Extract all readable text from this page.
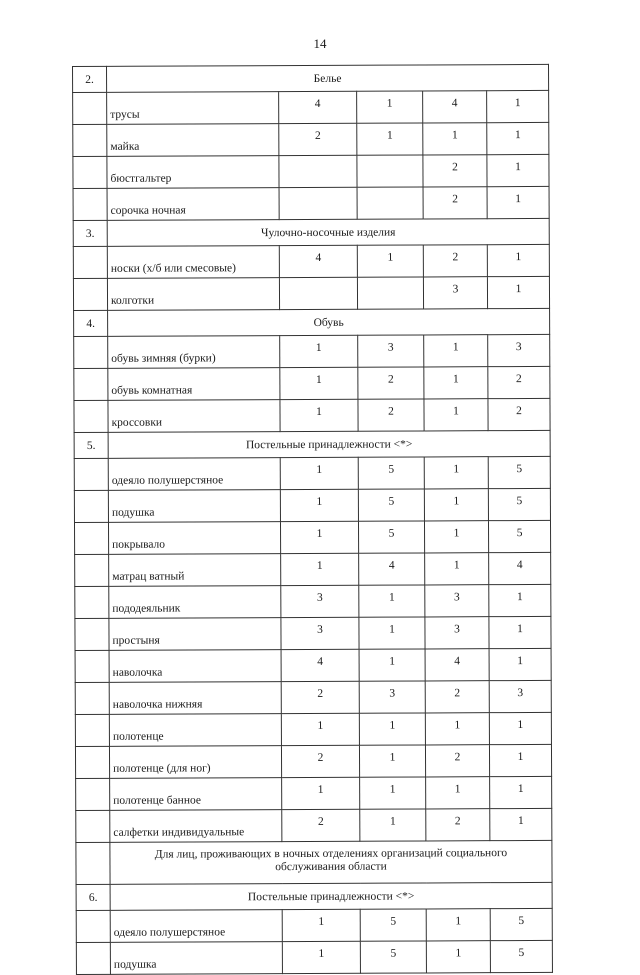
14
2.	Белье				
	трусы	4	1	4	1
	майка	2	1	1	1
	бюстгальтер			2	1
	сорочка ночная			2	1
3.	Чулочно-носочные изделия				
	носки (х/б или смесовые)	4	1	2	1
	колготки			3	1
4.	Обувь				
	обувь зимняя (бурки)	1	3	1	3
	обувь комнатная	1	2	1	2
	кроссовки	1	2	1	2
5.	Постельные принадлежности <*>				
	одеяло полушерстяное	1	5	1	5
	подушка	1	5	1	5
	покрывало	1	5	1	5
	матрац ватный	1	4	1	4
	пододеяльник	3	1	3	1
	простыня	3	1	3	1
	наволочка	4	1	4	1
	наволочка нижняя	2	3	2	3
	полотенце	1	1	1	1
	полотенце (для ног)	2	1	2	1
	полотенце банное	1	1	1	1
	салфетки индивидуальные	2	1	2	1

	Для лиц, проживающих в ночных отделениях организаций социального
обслуживания области				

6.	Постельные принадлежности <*>				
	одеяло полушерстяное	1	5	1	5
	подушка	1	5	1	5
